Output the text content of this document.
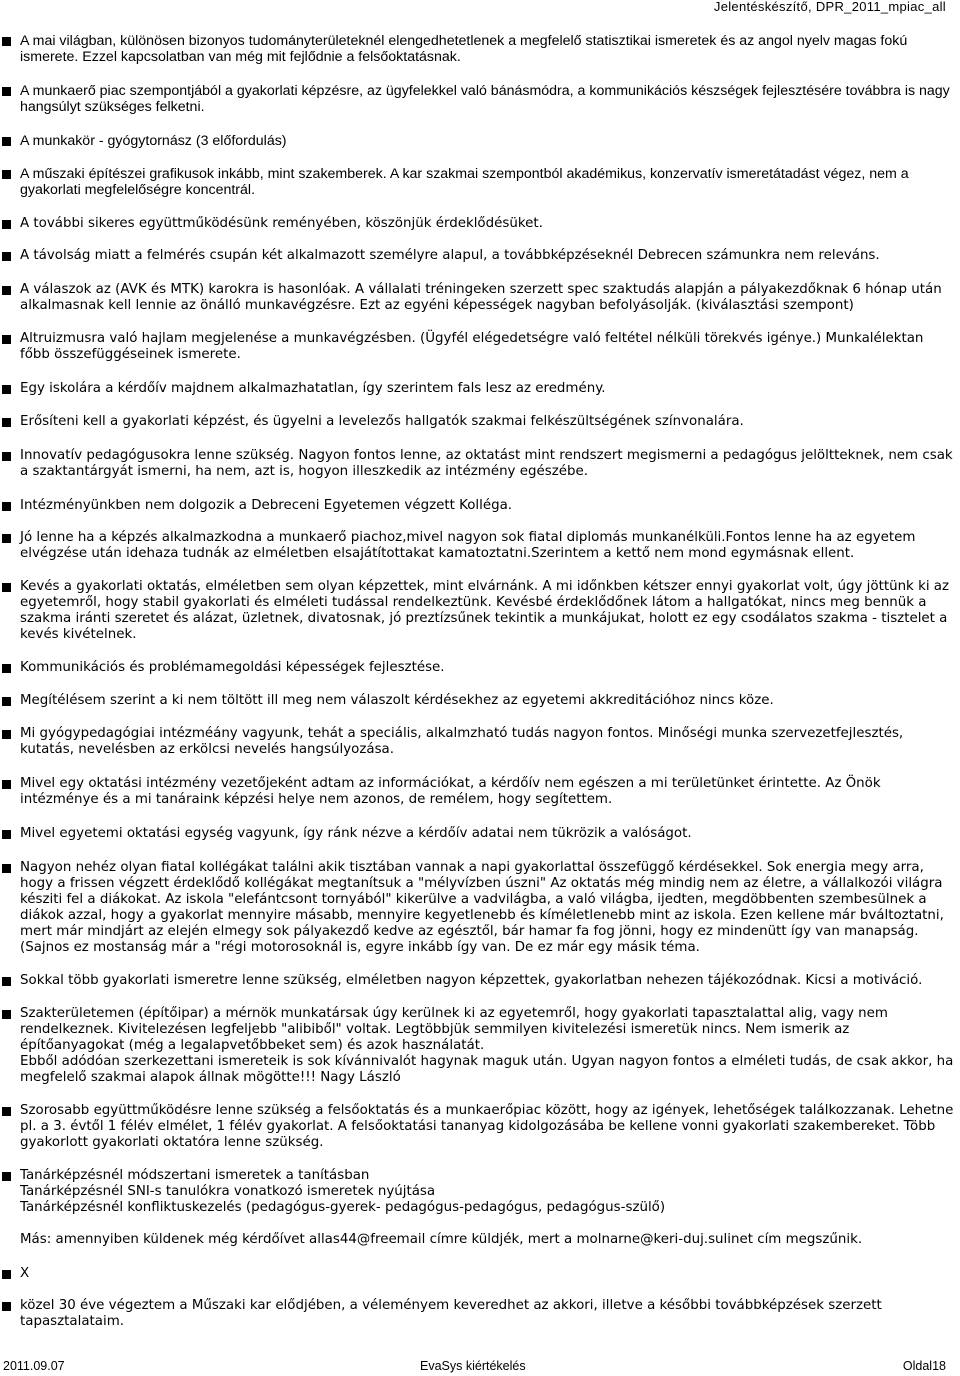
Jelentéskészítő, DPR_2011_mpiac_all
A mai világban, különösen bizonyos tudományterületeknél elengedhetetlenek a megfelelő statisztikai ismeretek és az angol nyelv magas fokú ismerete. Ezzel kapcsolatban van még mit fejlődnie a felsőoktatásnak.
A munkaerő piac szempontjából a gyakorlati képzésre, az ügyfelekkel való bánásmódra, a kommunikációs készségek fejlesztésére továbbra is nagy hangsúlyt szükséges felketni.
A munkakör - gyógytornász (3 előfordulás)
A műszaki építészei grafikusok inkább, mint szakemberek. A kar szakmai szempontból akadémikus, konzervatív ismeretátadást végez, nem a gyakorlati megfelelőségre koncentrál.
A további sikeres együttműködésünk reményében, köszönjük érdeklődésüket.
A távolság miatt a felmérés csupán két alkalmazott személyre alapul, a továbbképzéseknél Debrecen számunkra nem releváns.
A válaszok az (AVK és MTK) karokra is hasonlóak. A vállalati tréningeken szerzett spec szaktudás alapján a pályakezdőknak 6 hónap után alkalmasnak kell lennie az önálló munkavégzésre. Ezt az egyéni képességek nagyban befolyásolják. (kiválasztási szempont)
Altruizmusra való hajlam megjelenése a munkavégzésben. (Ügyfél elégedetségre való feltétel nélküli törekvés igénye.) Munkalélektan főbb összefüggéseinek ismerete.
Egy iskolára a kérdőív majdnem alkalmazhatatlan, így szerintem fals lesz az eredmény.
Erősíteni kell a gyakorlati képzést, és ügyelni a levelezős hallgatók szakmai felkészültségének színvonalára.
Innovatív pedagógusokra lenne szükség. Nagyon fontos lenne, az oktatást mint rendszert megismerni a pedagógus jelöltteknek, nem csak a szaktantárgyát ismerni, ha nem, azt is, hogyon illeszkedik az intézmény egészébe.
Intézményünkben nem dolgozik a Debreceni Egyetemen végzett Kolléga.
Jó lenne ha a képzés alkalmazkodna a munkaerő piachoz,mivel nagyon sok fiatal diplomás munkanélküli.Fontos lenne ha az egyetem elvégzése után idehaza tudnák az elméletben elsajátítottakat kamatoztatni.Szerintem a kettő nem mond egymásnak ellent.
Kevés a gyakorlati oktatás, elméletben sem olyan képzettek, mint elvárnánk. A mi időnkben kétszer ennyi gyakorlat volt, úgy jöttünk ki az egyetemről, hogy stabil gyakorlati és elméleti tudással rendelkeztünk. Kevésbé érdeklődőnek látom a hallgatókat, nincs meg bennük a szakma iránti szeretet és alázat, üzletnek, divatosnak, jó preztízsűnek tekintik a munkájukat, holott ez egy csodálatos szakma - tisztelet a kevés kivételnek.
Kommunikációs és problémamegoldási képességek fejlesztése.
Megítélésem szerint a ki nem töltött ill meg nem válaszolt kérdésekhez az egyetemi akkreditációhoz nincs köze.
Mi gyógypedagógiai intézméány vagyunk, tehát a speciális, alkalmzható tudás nagyon fontos. Minőségi munka szervezetfejlesztés, kutatás, nevelésben az erkölcsi nevelés hangsúlyozása.
Mivel egy oktatási intézmény vezetőjeként adtam az információkat, a kérdőív nem egészen a mi területünket érintette. Az Önök intézménye és a mi tanáraink képzési helye nem azonos, de remélem, hogy segítettem.
Mivel egyetemi oktatási egység vagyunk, így ránk nézve a kérdőív adatai nem tükrözik a valóságot.
Nagyon nehéz olyan fiatal kollégákat találni akik tisztában vannak a napi gyakorlattal összefüggő kérdésekkel. Sok energia megy arra, hogy a frissen végzett érdeklődő kollégákat megtanítsuk a "mélyvízben úszni" Az oktatás még mindig nem az életre, a vállalkozói világra késziti fel a diákokat. Az iskola "elefántcsont tornyából" kikerülve a vadvilágba, a való világba, ijedten, megdöbbenten szembesülnek a diákok azzal, hogy a gyakorlat mennyire másabb, mennyire kegyetlenebb és kíméletlenebb mint az iskola. Ezen kellene már bváltoztatni, mert már mindjárt az elején elmegy sok pályakezdő kedve az egésztől, bár hamar fa fog jönni, hogy ez mindenütt így van manapság. (Sajnos ez mostanság már a "régi motorosoknál is, egyre inkább így van. De ez már egy másik téma.
Sokkal több gyakorlati ismeretre lenne szükség, elméletben nagyon képzettek, gyakorlatban nehezen tájékozódnak. Kicsi a motiváció.
Szakterületemen (építőipar) a mérnök munkatársak úgy kerülnek ki az egyetemről, hogy gyakorlati tapasztalattal alig, vagy nem rendelkeznek. Kivitelezésen legfeljebb "alibiből" voltak. Legtöbbjük semmilyen kivitelezési ismeretük nincs. Nem ismerik az építőanyagokat (még a legalapvetőbbeket sem) és azok használatát.
Ebből adódóan szerkezettani ismereteik is sok kívánnivalót hagynak maguk után. Ugyan nagyon fontos a elméleti tudás, de csak akkor, ha megfelelő szakmai alapok állnak mögötte!!! Nagy László
Szorosabb együttműködésre lenne szükség a felsőoktatás és a munkaerőpiac között, hogy az igények, lehetőségek találkozzanak. Lehetne pl. a 3. évtől 1 félév elmélet, 1 félév gyakorlat. A felsőoktatási tananyag kidolgozásába be kellene vonni gyakorlati szakembereket. Több gyakorlott gyakorlati oktatóra lenne szükség.
Tanárképzésnél módszertani ismeretek a tanításban
Tanárképzésnél SNI-s tanulókra vonatkozó ismeretek nyújtása
Tanárképzésnél konfliktuskezelés (pedagógus-gyerek- pedagógus-pedagógus, pedagógus-szülő)

Más: amennyiben küldenek még kérdőívet allas44@freemail címre küldjék, mert a molnarne@keri-duj.sulinet cím megszűnik.
X
közel 30 éve végeztem a Műszaki kar elődjében, a véleményem keveredhet az akkori, illetve a későbbi továbbképzések szerzett tapasztalataim.
2011.09.07	EvaSys kiértékelés	Oldal18
